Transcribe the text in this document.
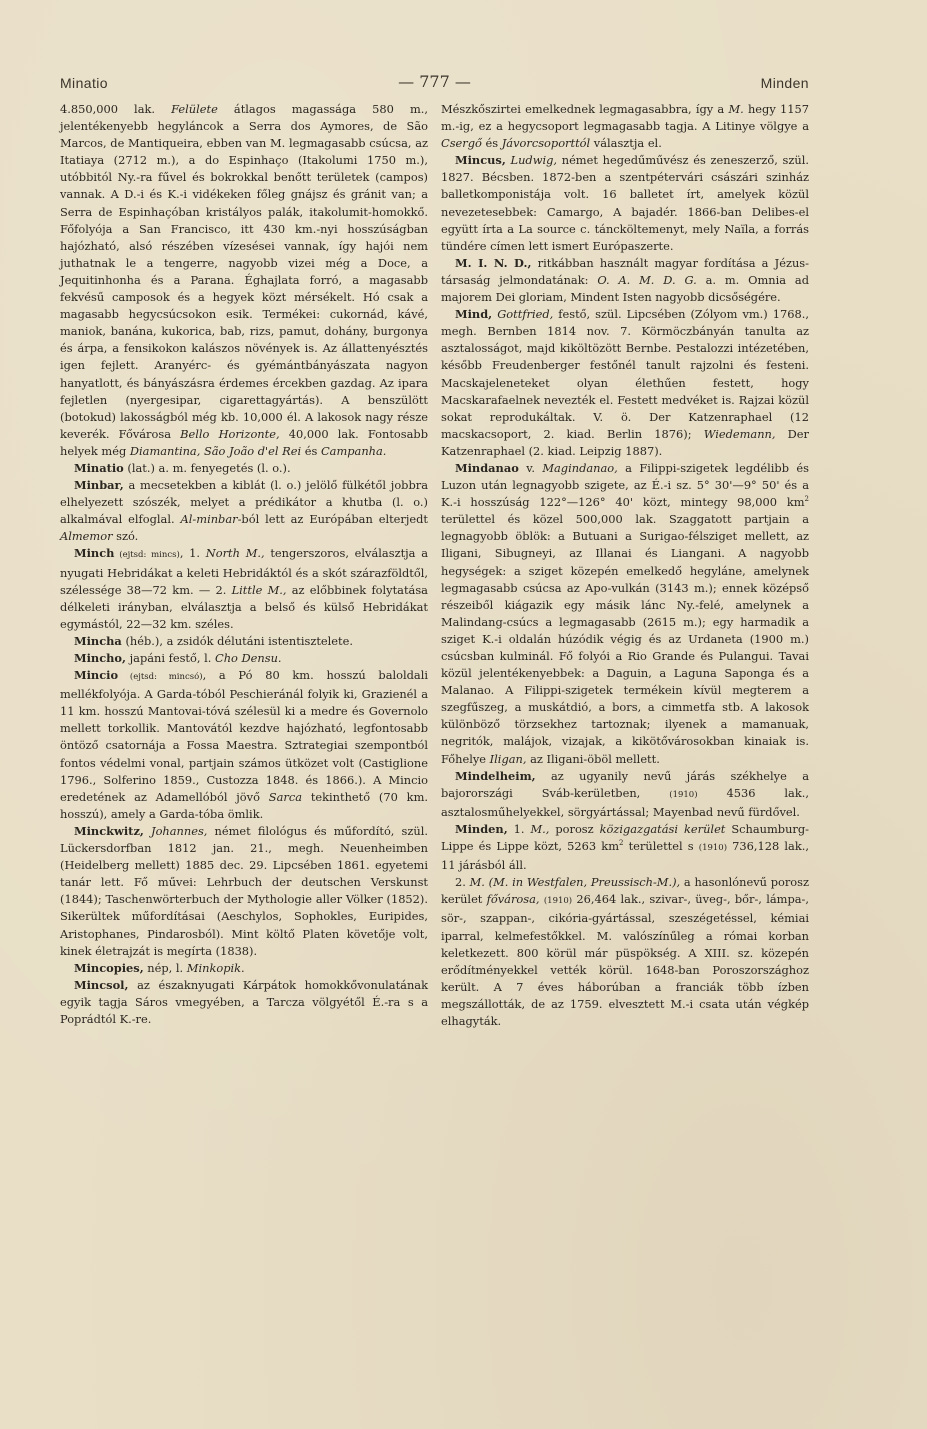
Minatio	— 777 —	Minden

4.850,000 lak. Felülete átlagos magassága 580 m., jelentékenyebb hegyláncok a Serra dos Aymores, de São Marcos, de Mantiqueira, ebben van M. legmagasabb csúcsa, az Itatiaya (2712 m.), a do Espinhaço (Itakolumi 1750 m.), utóbbitól Ny.-ra fűvel és bokrokkal benőtt területek (campos) vannak. A D.-i és K.-i vidékeken főleg gnájsz és gránit van; a Serra de Espinhaçóban kristályos palák, itakolumit-homokkő. Főfolyója a San Francisco, itt 430 km.-nyi hosszúságban hajózható, alsó részében vízesései vannak, így hajói nem juthatnak le a tengerre, nagyobb vizei még a Doce, a Jequitinhonha és a Parana. Éghajlata forró, a magasabb fekvésű camposok és a hegyek közt mérsékelt. Hó csak a magasabb hegycsúcsokon esik. Termékei: cukornád, kávé, maniok, banána, kukorica, bab, rizs, pamut, dohány, burgonya és árpa, a fensikokon kalászos növények is. Az állattenyésztés igen fejlett. Aranyérc- és gyémántbányászata nagyon hanyatlott, és bányászásra érdemes ércekben gazdag. Az ipara fejletlen (nyergesipar, cigarettagyártás). A benszülött (botokud) lakosságból még kb. 10,000 él. A lakosok nagy része keverék. Fővárosa Bello Horizonte, 40,000 lak. Fontosabb helyek még Diamantina, São João d'el Rei és Campanha.

Minatio (lat.) a. m. fenyegetés (l. o.).

Minbar, a mecsetekben a kiblát (l. o.) jelölő fülkétől jobbra elhelyezett szószék, melyet a prédikátor a khutba (l. o.) alkalmával elfoglal. Al-minbar-ból lett az Európában elterjedt Almemor szó.

Minch (ejtsd: mincs), 1. North M., tengerszoros, elválasztja a nyugati Hebridákat a keleti Hebridáktól és a skót szárazföldtől, szélessége 38—72 km. — 2. Little M., az előbbinek folytatása délkeleti irányban, elválasztja a belső és külső Hebridákat egymástól, 22—32 km. széles.

Mincha (héb.), a zsidók délutáni istentisztelete.

Mincho, japáni festő, l. Cho Densu.

Mincio (ejtsd: mincsó), a Pó 80 km. hosszú baloldali mellékfolyója. A Garda-tóból Peschieránál folyik ki, Grazienél a 11 km. hosszú Mantovai-tóvá szélesül ki a medre és Governolo mellett torkollik. Mantovától kezdve hajózható, legfontosabb öntöző csatornája a Fossa Maestra. Sztrategiai szempontból fontos védelmi vonal, partjain számos ütközet volt (Castiglione 1796., Solferino 1859., Custozza 1848. és 1866.). A Mincio eredetének az Adamellóból jövő Sarca tekinthető (70 km. hosszú), amely a Garda-tóba ömlik.

Minckwitz, Johannes, német filológus és műfordító, szül. Lückersdorfban 1812 jan. 21., megh. Neuenheimben (Heidelberg mellett) 1885 dec. 29. Lipcsében 1861. egyetemi tanár lett. Fő művei: Lehrbuch der deutschen Verskunst (1844); Taschenwörterbuch der Mythologie aller Völker (1852). Sikerültek műfordításai (Aeschylos, Sophokles, Euripides, Aristophanes, Pindarosból). Mint költő Platen követője volt, kinek életrajzát is megírta (1838).

Mincopies, nép, l. Minkopik.

Mincsol, az északnyugati Kárpátok homokkővonulatának egyik tagja Sáros vmegyében, a Tarcza völgyétől É.-ra s a Poprádtól K.-re.

Mészkőszirtei emelkednek legmagasabbra, így a M. hegy 1157 m.-ig, ez a hegycsoport legmagasabb tagja. A Litinye völgye a Csergő és Jávorcsoporttól választja el.

Mincus, Ludwig, német hegedűművész és zeneszerző, szül. 1827. Bécsben. 1872-ben a szentpétervári császári szinház balletkomponistája volt. 16 balletet írt, amelyek közül nevezetesebbek: Camargo, A bajadér. 1866-ban Delibes-el együtt írta a La source c. táncköltemenyt, mely Naïla, a forrás tündére címen lett ismert Európaszerte.

M. I. N. D., ritkábban használt magyar fordítása a Jézus-társaság jelmondatának: O. A. M. D. G. a. m. Omnia ad majorem Dei gloriam, Mindent Isten nagyobb dicsőségére.

Mind, Gottfried, festő, szül. Lipcsében (Zólyom vm.) 1768., megh. Bernben 1814 nov. 7. Körmöczbányán tanulta az asztalosságot, majd kiköltözött Bernbe. Pestalozzi intézetében, később Freudenberger festőnél tanult rajzolni és festeni. Macskajeleneteket olyan élethűen festett, hogy Macskarafaelnek nevezték el. Festett medvéket is. Rajzai közül sokat reprodukáltak. V. ö. Der Katzenraphael (12 macskacsoport, 2. kiad. Berlin 1876); Wiedemann, Der Katzenraphael (2. kiad. Leipzig 1887).

Mindanao v. Magindanao, a Filippi-szigetek legdélibb és Luzon után legnagyobb szigete, az É.-i sz. 5° 30'—9° 50' és a K.-i hosszúság 122°—126° 40' közt, mintegy 98,000 $km^2$ területtel és közel 500,000 lak. Szaggatott partjain a legnagyobb öblök: a Butuani a Surigao-félsziget mellett, az Iligani, Sibugneyi, az Illanai és Liangani. A nagyobb hegységek: a sziget közepén emelkedő hegyláne, amelynek legmagasabb csúcsa az Apo-vulkán (3143 m.); ennek középső részeiből kiágazik egy másik lánc Ny.-felé, amelynek a Malindang-csúcs a legmagasabb (2615 m.); egy harmadik a sziget K.-i oldalán húzódik végig és az Urdaneta (1900 m.) csúcsban kulminál. Fő folyói a Rio Grande és Pulangui. Tavai közül jelentékenyebbek: a Daguin, a Laguna Saponga és a Malanao. A Filippi-szigetek termékein kívül megterem a szegfűszeg, a muskátdió, a bors, a cimmetfa stb. A lakosok különböző törzsekhez tartoznak; ilyenek a mamanuak, negritók, malájok, vizajak, a kikötővárosokban kinaiak is. Főhelye Iligan, az Iligani-öböl mellett.

Mindelheim, az ugyanily nevű járás székhelye a bajorországi Sváb-kerületben, (1910) 4536 lak., asztalosműhelyekkel, sörgyártással; Mayenbad nevű fürdővel.

Minden, 1. M., porosz közigazgatási kerület Schaumburg-Lippe és Lippe közt, 5263 $km^2$ területtel s (1910) 736,128 lak., 11 járásból áll.

2. M. (M. in Westfalen, Preussisch-M.), a hasonlónevű porosz kerület fővárosa, (1910) 26,464 lak., szivar-, üveg-, bőr-, lámpa-, sör-, szappan-, cikória-gyártással, szeszégetéssel, kémiai iparral, kelmefestőkkel. M. valószínűleg a római korban keletkezett. 800 körül már püspökség. A XIII. sz. közepén erődítményekkel vették körül. 1648-ban Poroszországhoz került. A 7 éves háborúban a franciák több ízben megszállották, de az 1759. elvesztett M.-i csata után végkép elhagyták.
